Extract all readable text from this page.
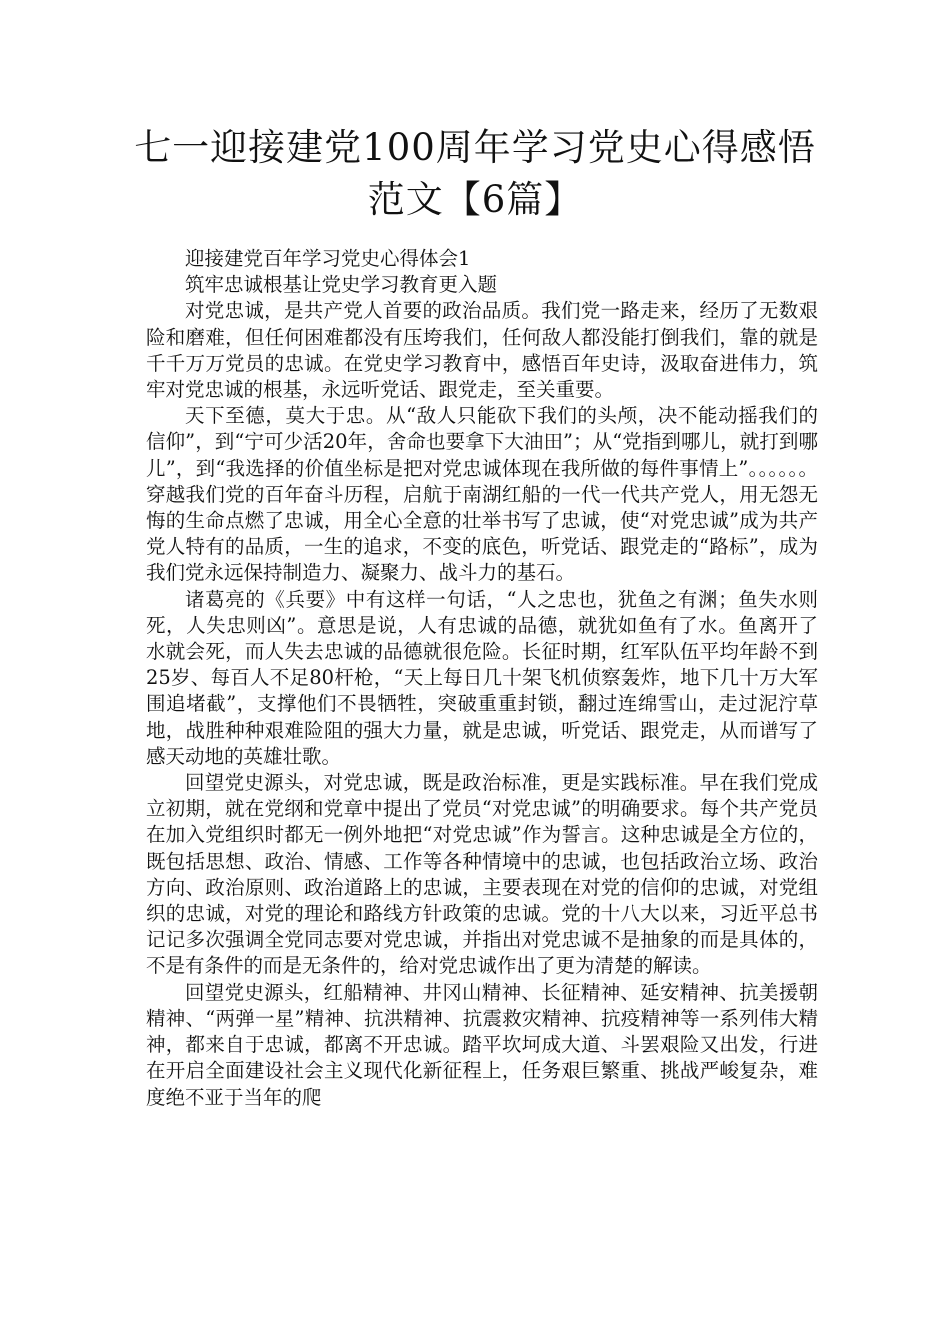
七一迎接建党100周年学习党史心得感悟
范文【6篇】

迎接建党百年学习党史心得体会1

筑牢忠诚根基让党史学习教育更入题

对党忠诚，是共产党人首要的政治品质。我们党一路走来，经历了无数艰险和磨难，但任何困难都没有压垮我们，任何敌人都没能打倒我们，靠的就是千千万万党员的忠诚。在党史学习教育中，感悟百年史诗，汲取奋进伟力，筑牢对党忠诚的根基，永远听党话、跟党走，至关重要。

天下至德，莫大于忠。从“敌人只能砍下我们的头颅，决不能动摇我们的信仰”，到“宁可少活20年，舍命也要拿下大油田”；从“党指到哪儿，就打到哪儿”，到“我选择的价值坐标是把对党忠诚体现在我所做的每件事情上”。。。。。。穿越我们党的百年奋斗历程，启航于南湖红船的一代一代共产党人，用无怨无悔的生命点燃了忠诚，用全心全意的壮举书写了忠诚，使“对党忠诚”成为共产党人特有的品质，一生的追求，不变的底色，听党话、跟党走的“路标”，成为我们党永远保持制造力、凝聚力、战斗力的基石。

诸葛亮的《兵要》中有这样一句话，“人之忠也，犹鱼之有渊；鱼失水则死，人失忠则凶”。意思是说，人有忠诚的品德，就犹如鱼有了水。鱼离开了水就会死，而人失去忠诚的品德就很危险。长征时期，红军队伍平均年龄不到25岁、每百人不足80杆枪，“天上每日几十架飞机侦察轰炸，地下几十万大军围追堵截”，支撑他们不畏牺牲，突破重重封锁，翻过连绵雪山，走过泥泞草地，战胜种种艰难险阻的强大力量，就是忠诚，听党话、跟党走，从而谱写了感天动地的英雄壮歌。

回望党史源头，对党忠诚，既是政治标准，更是实践标准。早在我们党成立初期，就在党纲和党章中提出了党员“对党忠诚”的明确要求。每个共产党员在加入党组织时都无一例外地把“对党忠诚”作为誓言。这种忠诚是全方位的，既包括思想、政治、情感、工作等各种情境中的忠诚，也包括政治立场、政治方向、政治原则、政治道路上的忠诚，主要表现在对党的信仰的忠诚，对党组织的忠诚，对党的理论和路线方针政策的忠诚。党的十八大以来，习近平总书记记多次强调全党同志要对党忠诚，并指出对党忠诚不是抽象的而是具体的，不是有条件的而是无条件的，给对党忠诚作出了更为清楚的解读。

回望党史源头，红船精神、井冈山精神、长征精神、延安精神、抗美援朝精神、“两弹一星”精神、抗洪精神、抗震救灾精神、抗疫精神等一系列伟大精神，都来自于忠诚，都离不开忠诚。踏平坎坷成大道、斗罢艰险又出发，行进在开启全面建设社会主义现代化新征程上，任务艰巨繁重、挑战严峻复杂，难度绝不亚于当年的爬
